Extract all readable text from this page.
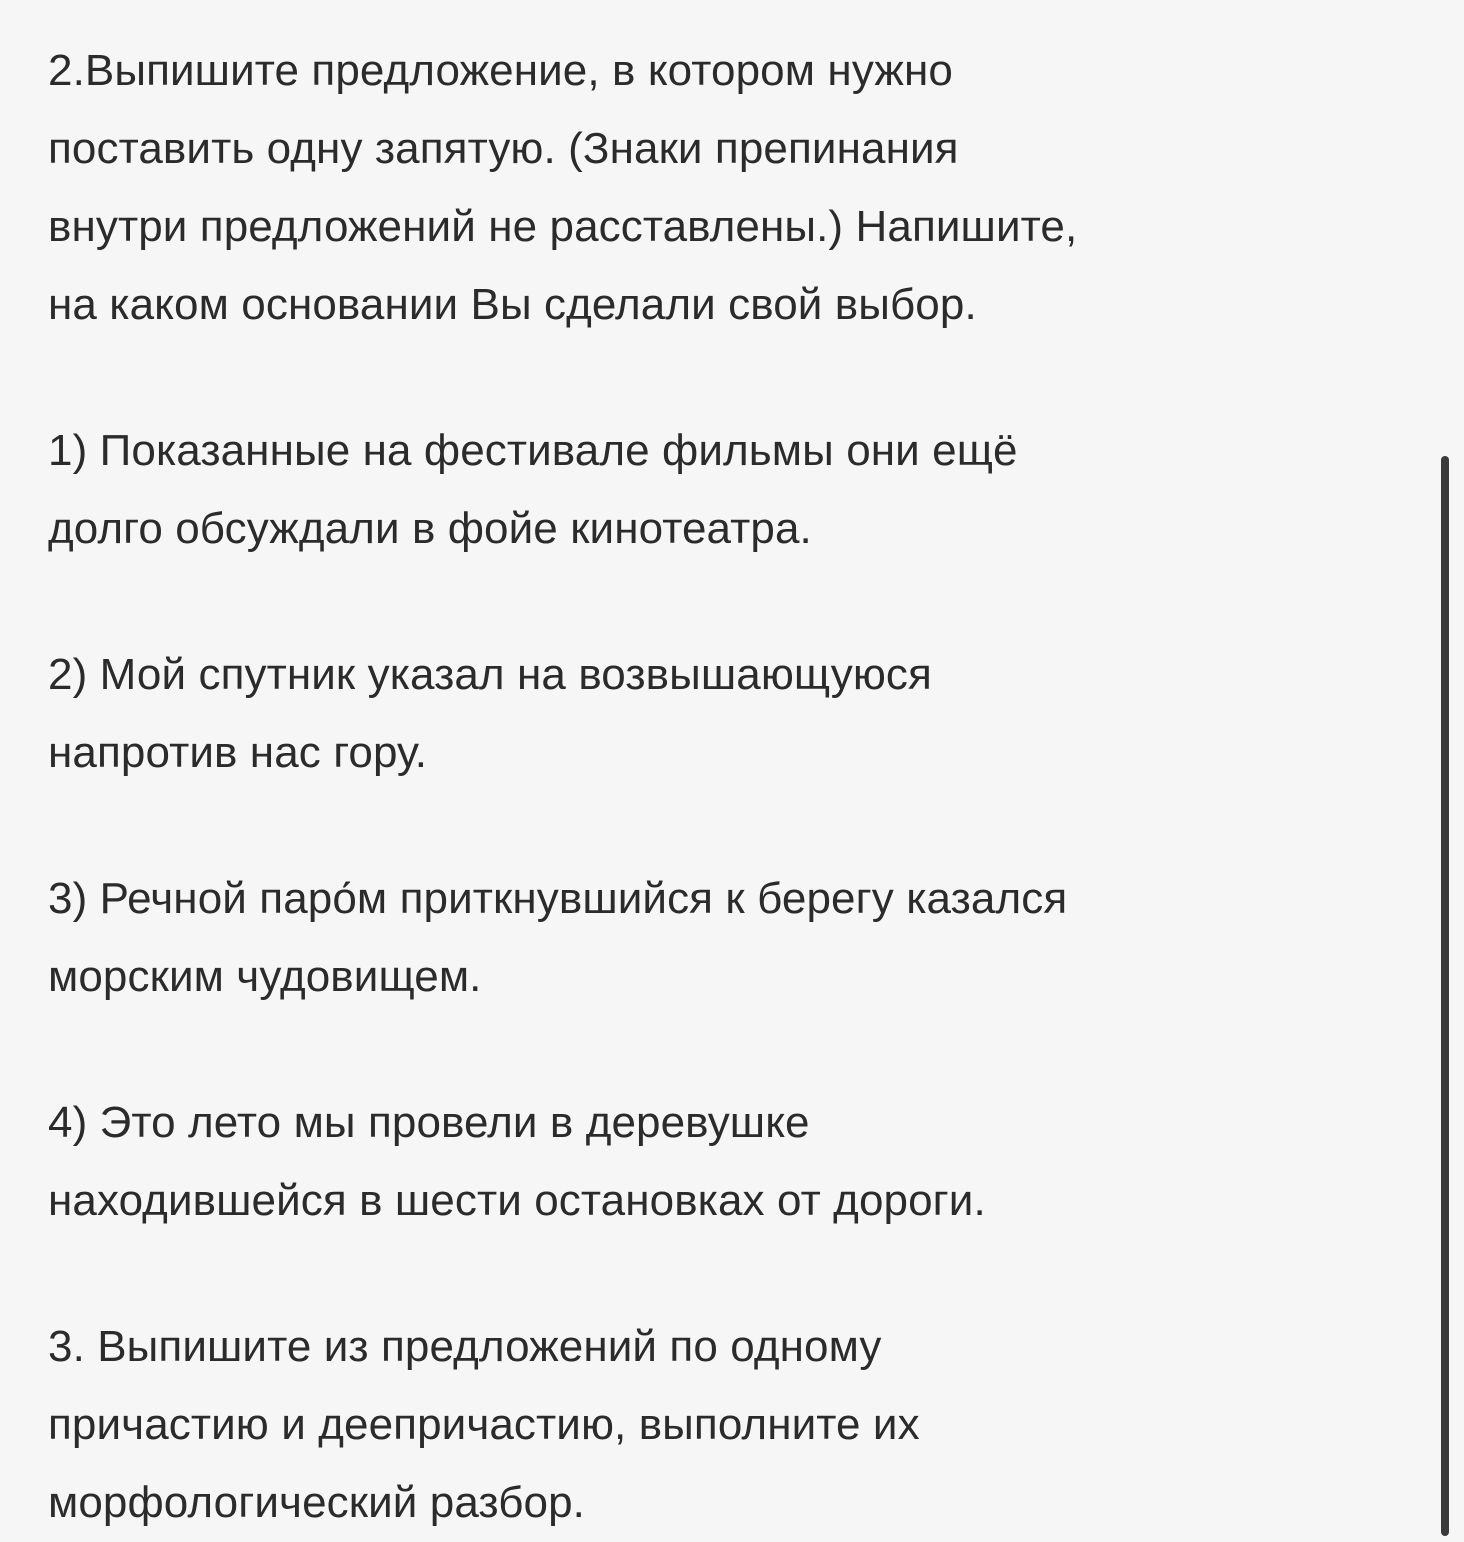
2.Выпишите предложение, в котором нужно
поставить одну запятую. (Знаки препинания
внутри предложений не расставлены.) Напишите,
на каком основании Вы сделали свой выбор.

1) Показанные на фестивале фильмы они ещё
долго обсуждали в фойе кинотеатра.

2) Мой спутник указал на возвышающуюся
напротив нас гору.

3) Речной паро́м приткнувшийся к берегу казался
морским чудовищем.

4) Это лето мы провели в деревушке
находившейся в шести остановках от дороги.

3. Выпишите из предложений по одному
причастию и деепричастию, выполните их
морфологический разбор.
